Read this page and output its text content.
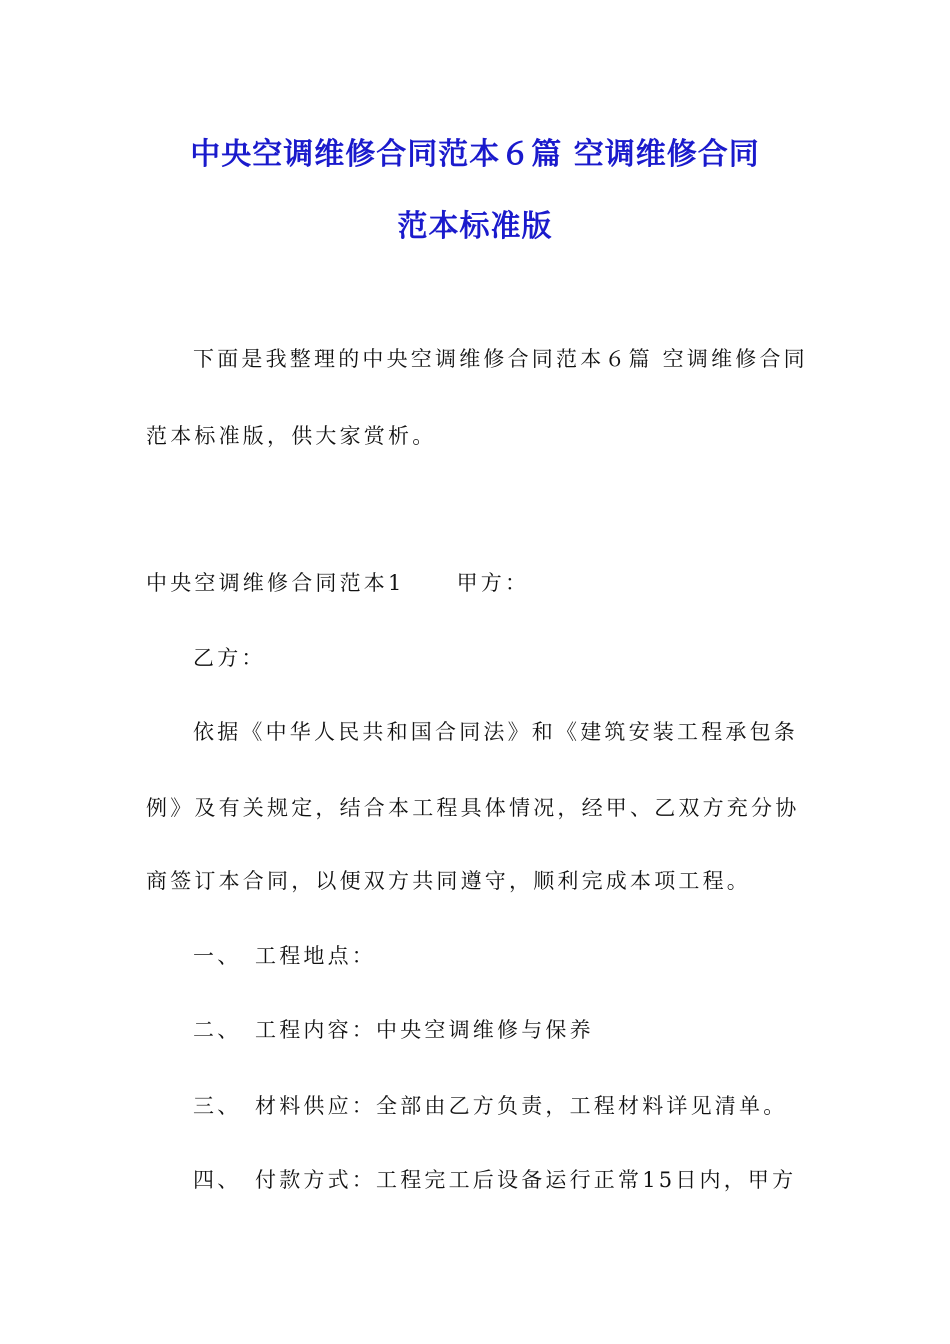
中央空调维修合同范本６篇 空调维修合同
范本标准版
下面是我整理的中央空调维修合同范本６篇 空调维修合同
范本标准版，供大家赏析。
中央空调维修合同范本1 甲方：
乙方：
依据《中华人民共和国合同法》和《建筑安装工程承包条
例》及有关规定，结合本工程具体情况，经甲、乙双方充分协
商签订本合同，以便双方共同遵守，顺利完成本项工程。
一、 工程地点：
二、 工程内容：中央空调维修与保养
三、 材料供应：全部由乙方负责，工程材料详见清单。
四、 付款方式：工程完工后设备运行正常15日内，甲方
